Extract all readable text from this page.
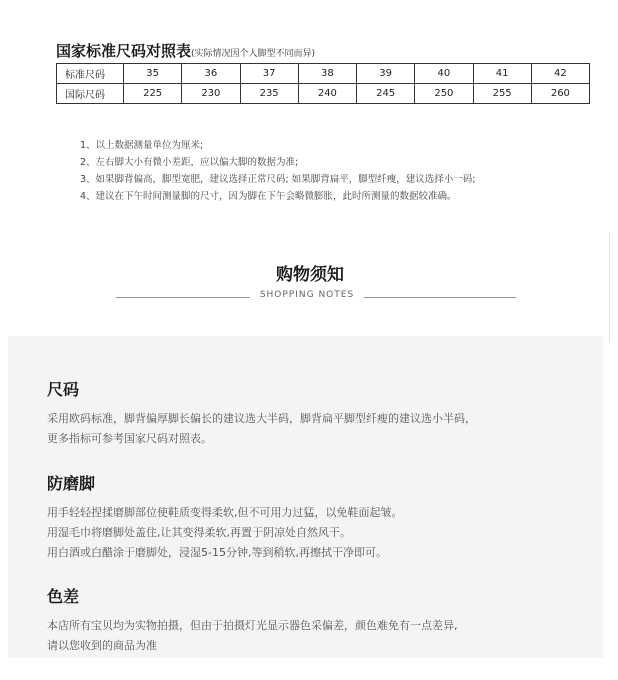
国家标准尺码对照表(实际情况因个人脚型不同而异)
标准尺码	35	36	37	38	39	40	41	42
国际尺码	225	230	235	240	245	250	255	260
1、以上数据测量单位为厘米;
2、左右脚大小有微小差距，应以偏大脚的数据为准;
3、如果脚背偏高，脚型宽肥，建议选择正常尺码; 如果脚背扁平，脚型纤瘦，建议选择小一码;
4、建议在下午时间测量脚的尺寸，因为脚在下午会略微膨胀，此时所测量的数据较准确。
购物须知
SHOPPING NOTES
尺码
采用欧码标准，脚背偏厚脚长偏长的建议选大半码，脚背扁平脚型纤瘦的建议选小半码，
更多指标可参考国家尺码对照表。
防磨脚
用手轻轻捏揉磨脚部位使鞋质变得柔软,但不可用力过猛，以免鞋面起皱。
用湿毛巾将磨脚处盖住,让其变得柔软,再置于阴凉处自然风干。
用白酒或白醋涂于磨脚处，浸湿5-15分钟,等到稍软,再擦拭干净即可。
色差
本店所有宝贝均为实物拍摄，但由于拍摄灯光显示器色采偏差，颜色难免有一点差异,
请以您收到的商品为准
